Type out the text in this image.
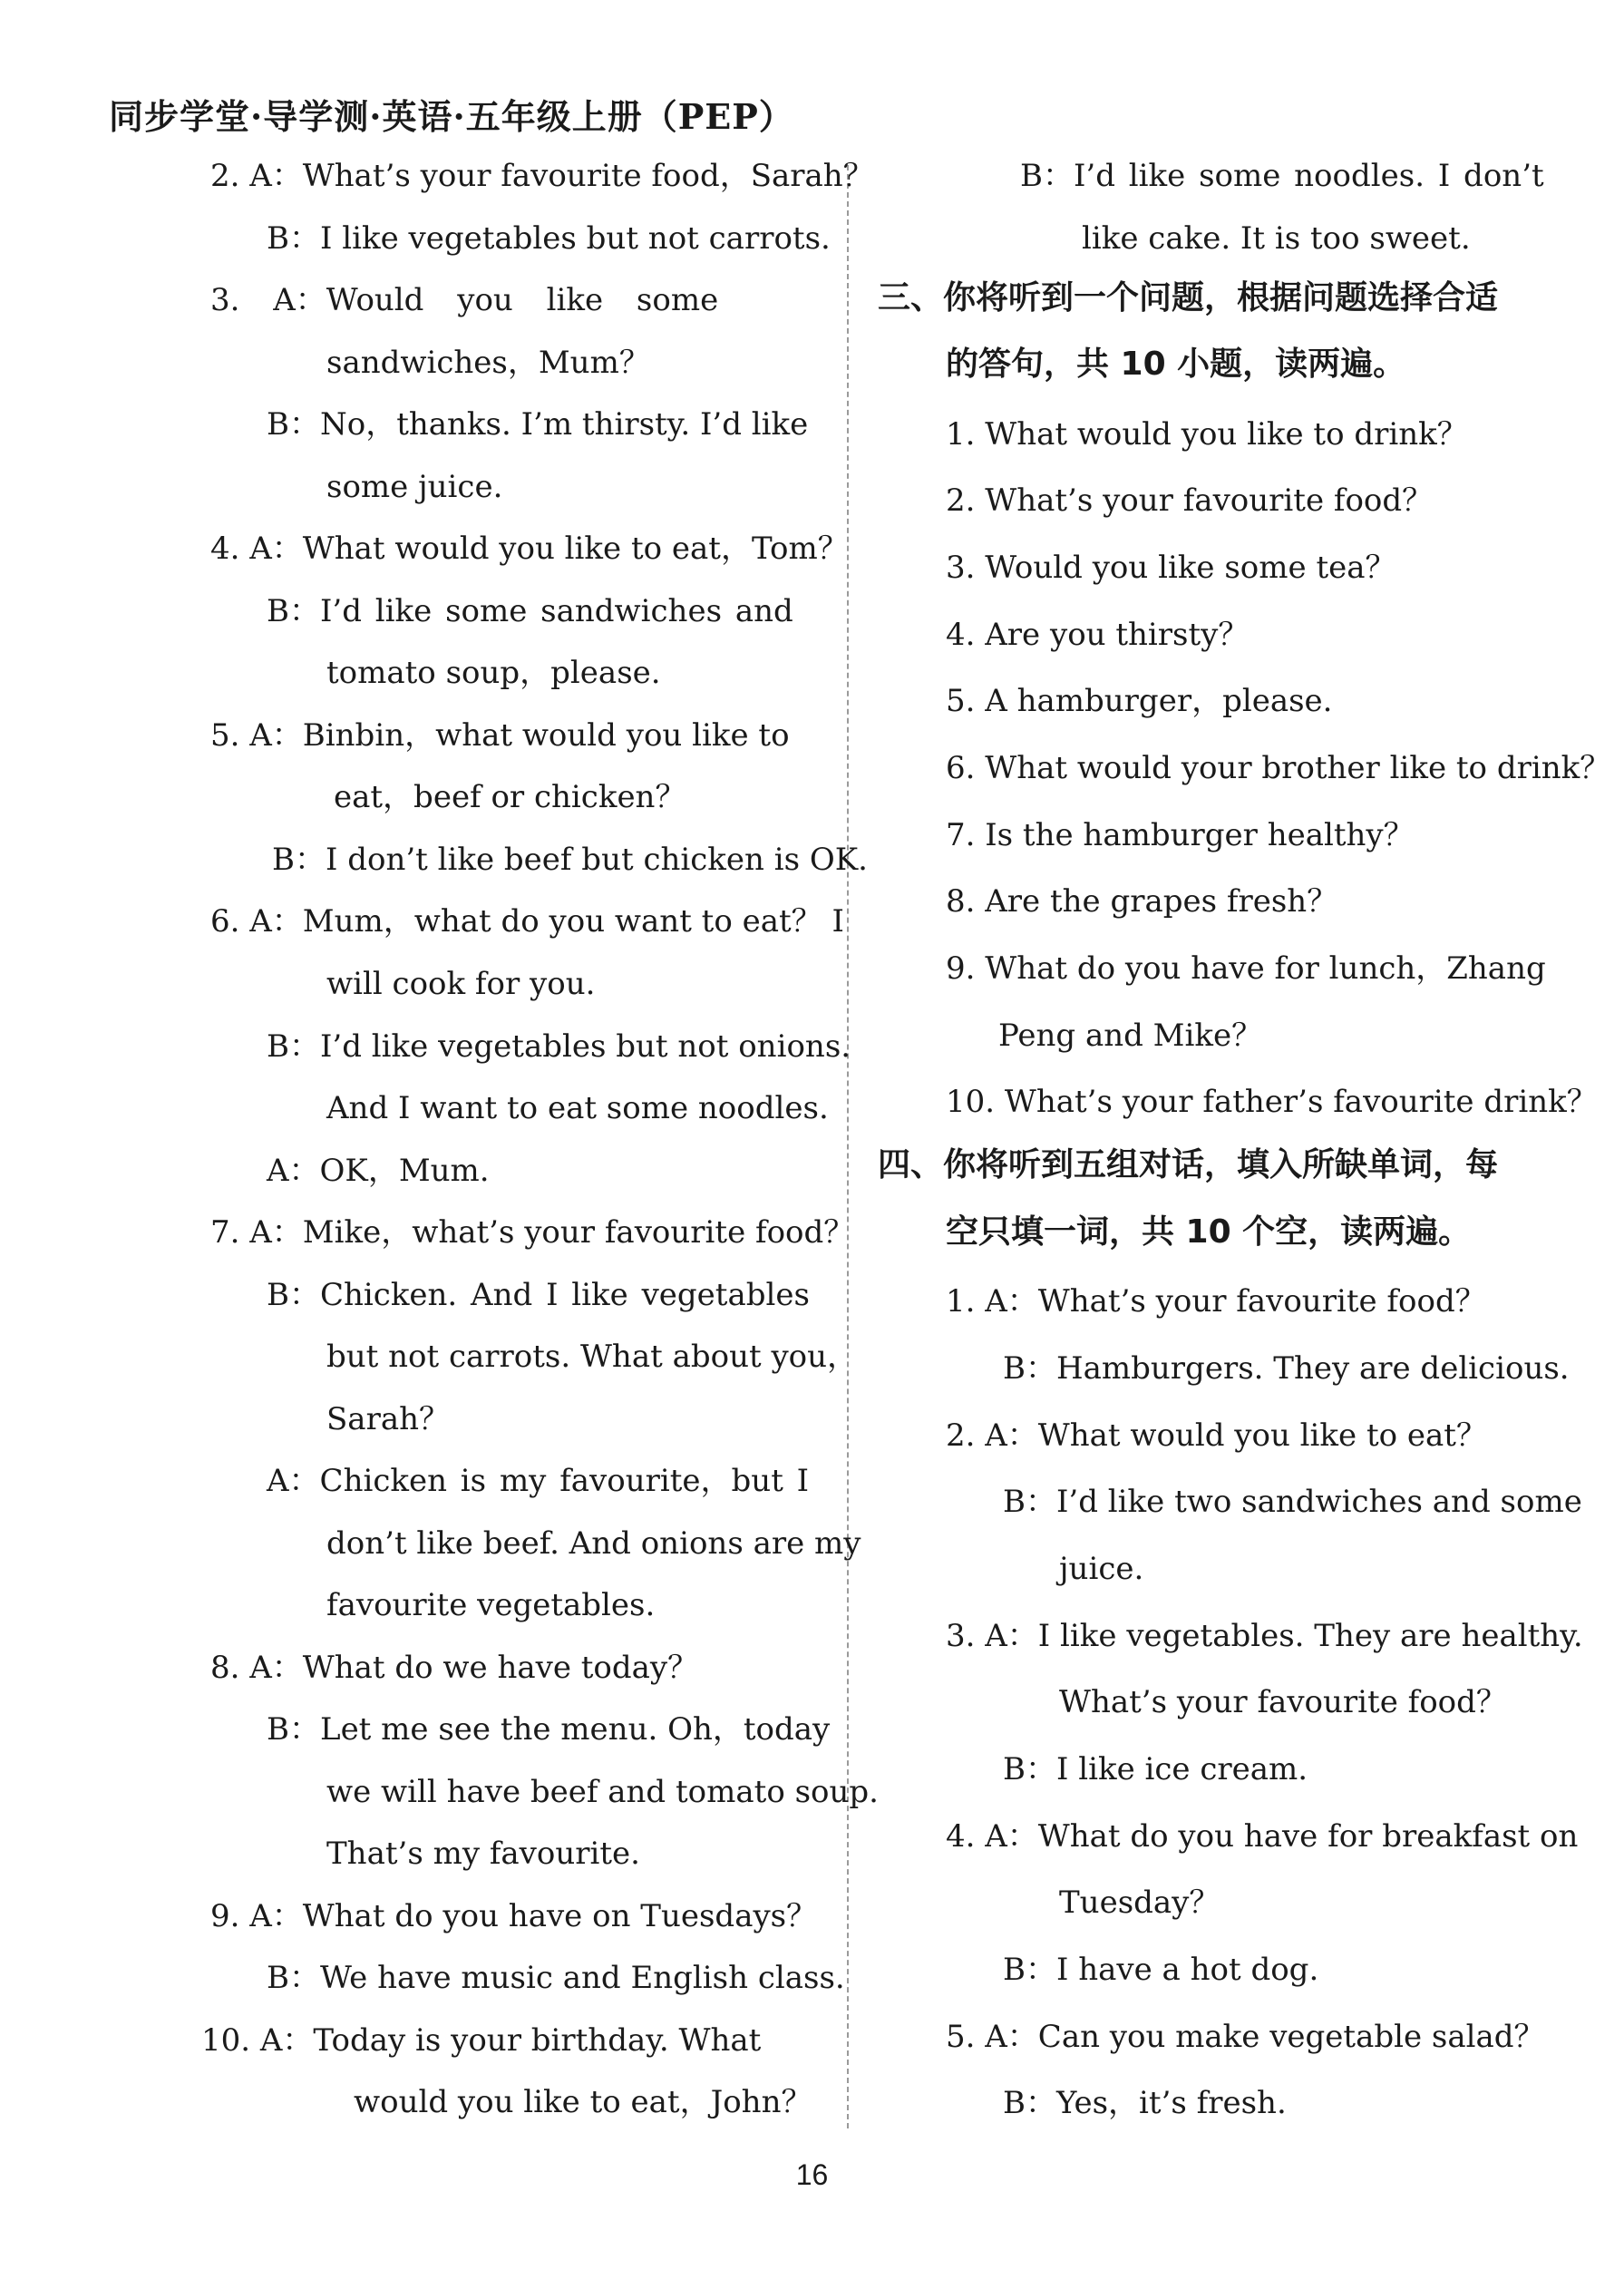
同步学堂·导学测·英语·五年级上册（PEP）
2. A：What’s your favourite food，Sarah？
B：I like vegetables but not carrots.
3. A：Would you like some
sandwiches，Mum？
B：No，thanks. I’m thirsty. I’d like
some juice.
4. A：What would you like to eat，Tom？
B：I’d like some sandwiches and
tomato soup，please.
5. A：Binbin，what would you like to
eat，beef or chicken？
B：I don’t like beef but chicken is OK.
6. A：Mum，what do you want to eat？ I
will cook for you.
B：I’d like vegetables but not onions.
And I want to eat some noodles.
A：OK，Mum.
7. A：Mike，what’s your favourite food？
B：Chicken. And I like vegetables
but not carrots. What about you，
Sarah？
A：Chicken is my favourite，but I
don’t like beef. And onions are my
favourite vegetables.
8. A：What do we have today？
B：Let me see the menu. Oh，today
we will have beef and tomato soup.
That’s my favourite.
9. A：What do you have on Tuesdays？
B：We have music and English class.
10. A：Today is your birthday. What
would you like to eat，John？
B：I’d like some noodles. I don’t
like cake. It is too sweet.
三、你将听到一个问题，根据问题选择合适
的答句，共 10 小题，读两遍。
1. What would you like to drink？
2. What’s your favourite food？
3. Would you like some tea？
4. Are you thirsty？
5. A hamburger，please.
6. What would your brother like to drink？
7. Is the hamburger healthy？
8. Are the grapes fresh？
9. What do you have for lunch，Zhang
Peng and Mike？
10. What’s your father’s favourite drink？
四、你将听到五组对话，填入所缺单词，每
空只填一词，共 10 个空，读两遍。
1. A：What’s your favourite food？
B：Hamburgers. They are delicious.
2. A：What would you like to eat？
B：I’d like two sandwiches and some
juice.
3. A：I like vegetables. They are healthy.
What’s your favourite food？
B：I like ice cream.
4. A：What do you have for breakfast on
Tuesday？
B：I have a hot dog.
5. A：Can you make vegetable salad？
B：Yes，it’s fresh.
16
